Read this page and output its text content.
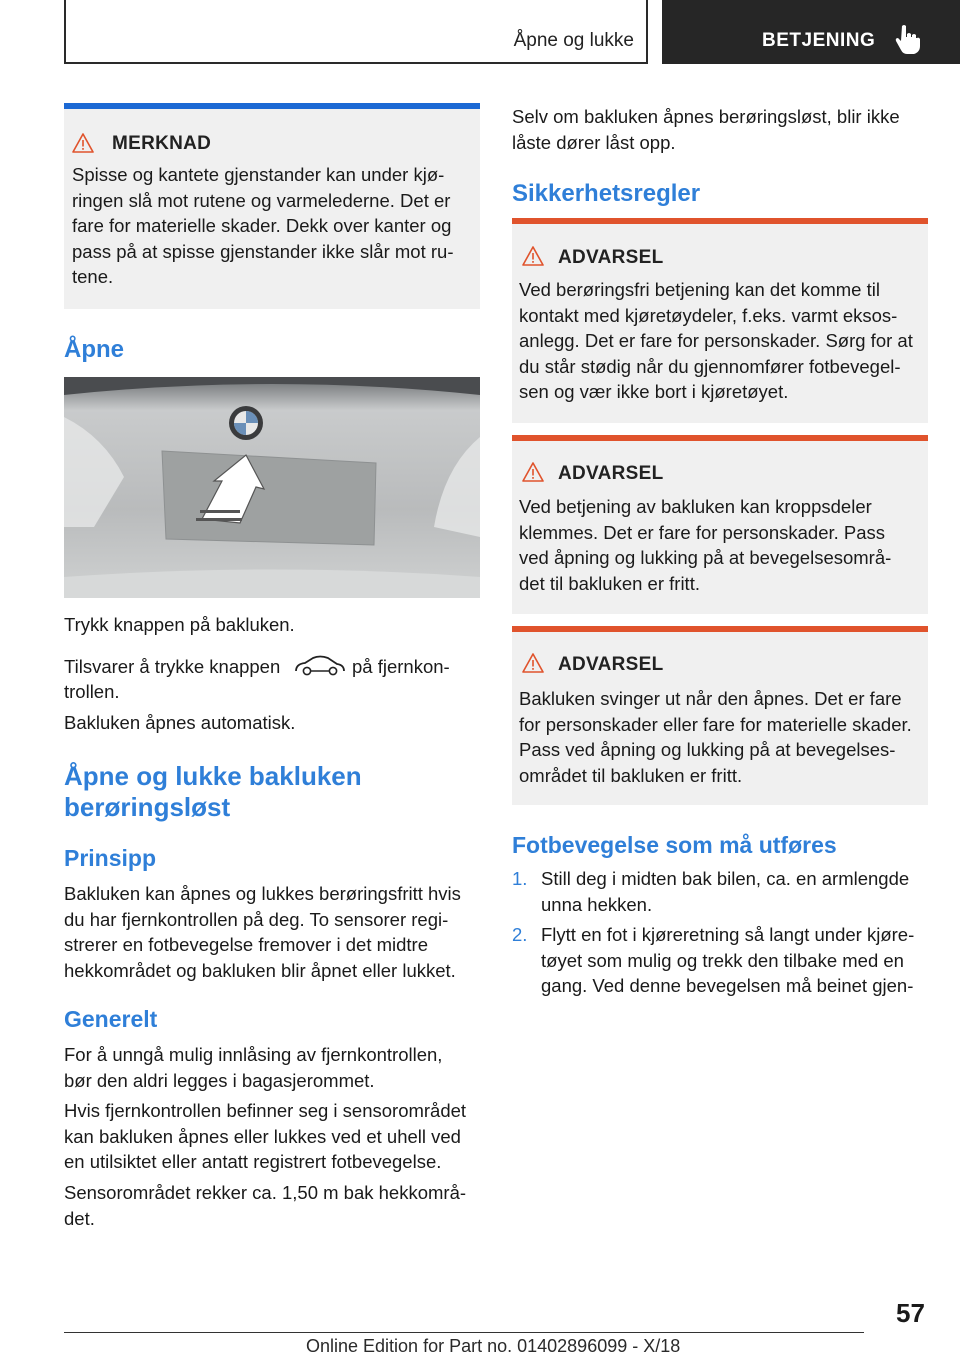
Åpne og lukke	BETJENING
MERKNAD

Spisse og kantete gjenstander kan under kjø-

ringen slå mot rutene og varmelederne. Det er

fare for materielle skader. Dekk over kanter og

pass på at spisse gjenstander ikke slår mot ru-

tene.

Åpne

Trykk knappen på bakluken.

Tilsvarer å trykke knappen	på fjernkon-

trollen.

Bakluken åpnes automatisk.

Åpne og lukke bakluken
berøringsløst
Prinsipp

Bakluken kan åpnes og lukkes berøringsfritt hvis

du har fjernkontrollen på deg. To sensorer regi-

strerer en fotbevegelse fremover i det midtre

hekkområdet og bakluken blir åpnet eller lukket.

Generelt

For å unngå mulig innlåsing av fjernkontrollen,

bør den aldri legges i bagasjerommet.

Hvis fjernkontrollen befinner seg i sensorområdet

kan bakluken åpnes eller lukkes ved et uhell ved

en utilsiktet eller antatt registrert fotbevegelse.

Sensorområdet rekker ca. 1,50 m bak hekkområ-

det.

Selv om bakluken åpnes berøringsløst, blir ikke

låste dører låst opp.

Sikkerhetsregler
ADVARSEL

Ved berøringsfri betjening kan det komme til

kontakt med kjøretøydeler, f.eks. varmt eksos-

anlegg. Det er fare for personskader. Sørg for at

du står stødig når du gjennomfører fotbevegel-

sen og vær ikke bort i kjøretøyet.

ADVARSEL

Ved betjening av bakluken kan kroppsdeler

klemmes. Det er fare for personskader. Pass

ved åpning og lukking på at bevegelsesområ-

det til bakluken er fritt.

ADVARSEL

Bakluken svinger ut når den åpnes. Det er fare

for personskader eller fare for materielle skader.

Pass ved åpning og lukking på at bevegelses-

området til bakluken er fritt.

Fotbevegelse som må utføres
1. Still deg i midten bak bilen, ca. en armlengde

unna hekken.

2. Flytt en fot i kjøreretning så langt under kjøre-

tøyet som mulig og trekk den tilbake med en

gang. Ved denne bevegelsen må beinet gjen-

57
Online Edition for Part no. 01402896099 - X/18
